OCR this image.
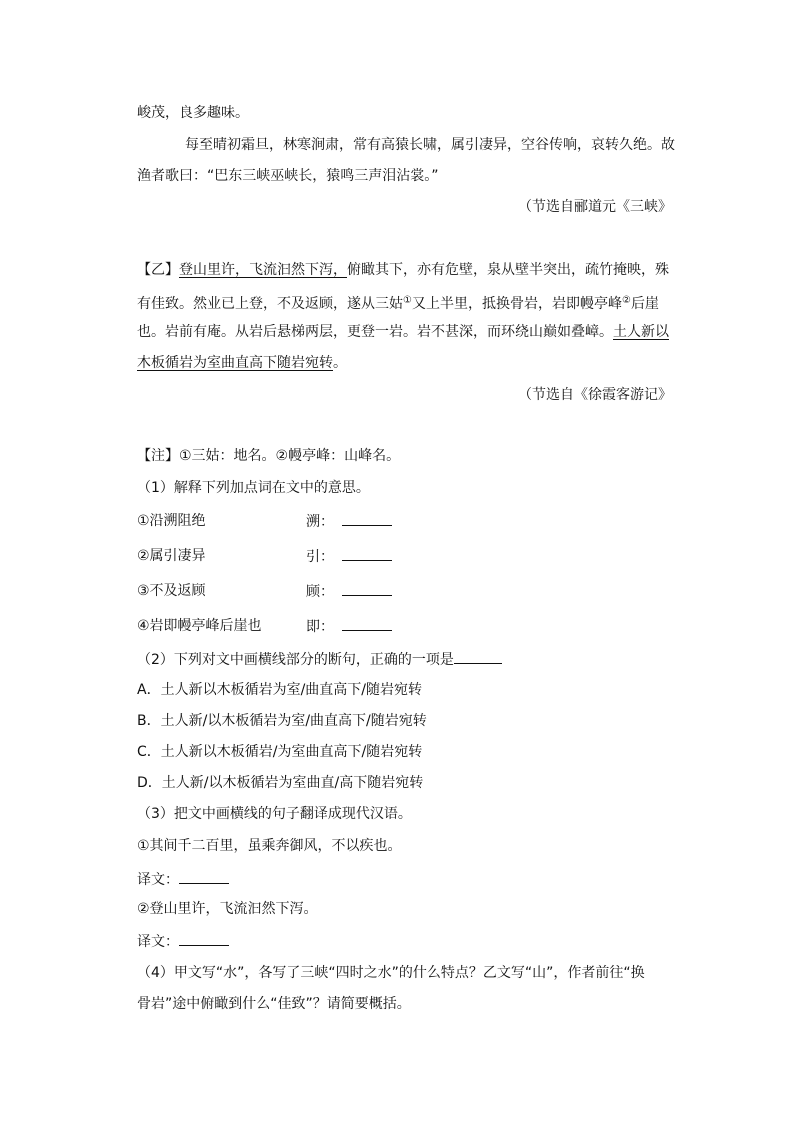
峻茂，良多趣味。
每至晴初霜旦，林寒涧肃，常有高猿长啸，属引凄异，空谷传响，哀转久绝。故
渔者歌曰：“巴东三峡巫峡长，猿鸣三声泪沾裳。”
（节选自郦道元《三峡》
【乙】登山里许，飞流汩然下泻，俯瞰其下，亦有危壁，泉从壁半突出，疏竹掩映，殊
有佳致。然业已上登，不及返顾，遂从三姑①又上半里，抵换骨岩，岩即幔亭峰②后崖
也。岩前有庵。从岩后悬梯两层，更登一岩。岩不甚深，而环绕山巅如叠嶂。土人新以
木板循岩为室曲直高下随岩宛转。
（节选自《徐霞客游记》
【注】①三姑：地名。②幔亭峰：山峰名。
（1）解释下列加点词在文中的意思。
①沿溯阻绝	溯：
②属引凄异	引：
③不及返顾	顾：
④岩即幔亭峰后崖也	即：
（2）下列对文中画横线部分的断句，正确的一项是
A．土人新以木板循岩为室/曲直高下/随岩宛转
B．土人新/以木板循岩为室/曲直高下/随岩宛转
C．土人新以木板循岩/为室曲直高下/随岩宛转
D．土人新/以木板循岩为室曲直/高下随岩宛转
（3）把文中画横线的句子翻译成现代汉语。
①其间千二百里，虽乘奔御风，不以疾也。
译文：
②登山里许，飞流汩然下泻。
译文：
（4）甲文写“水”，各写了三峡“四时之水”的什么特点？乙文写“山”，作者前往“换
骨岩”途中俯瞰到什么“佳致”？请简要概括。
